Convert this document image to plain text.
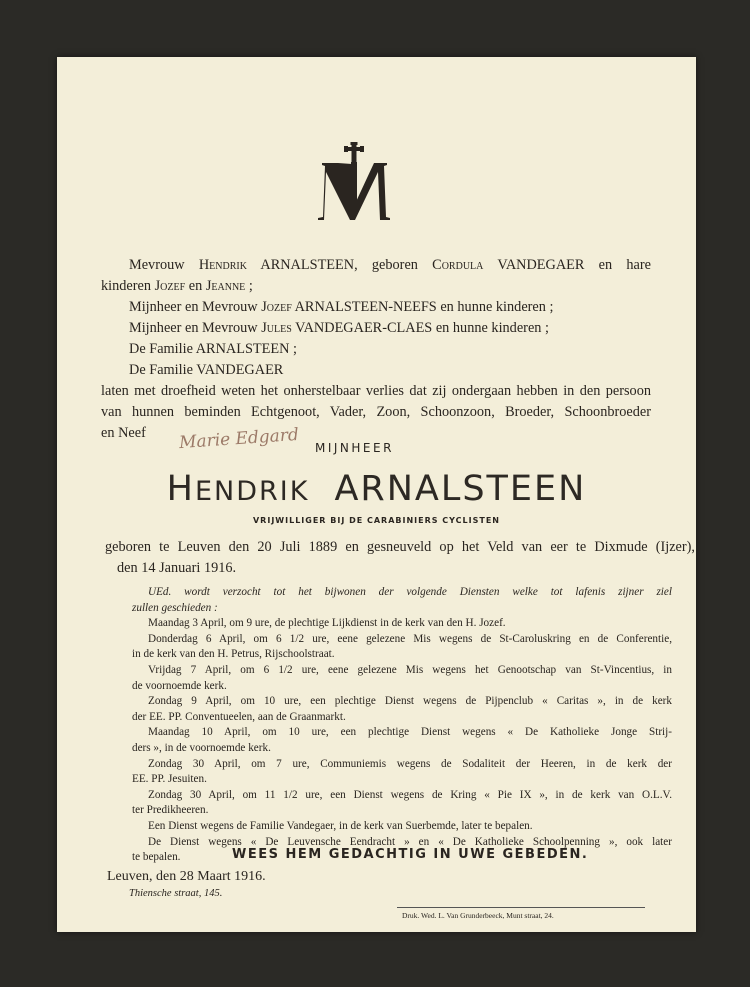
Mevrouw Hendrik ARNALSTEEN, geboren Cordula VANDEGAER en hare
kinderen Jozef en Jeanne ;
Mijnheer en Mevrouw Jozef ARNALSTEEN-NEEFS en hunne kinderen ;
Mijnheer en Mevrouw Jules VANDEGAER-CLAES en hunne kinderen ;
De Familie ARNALSTEEN ;
De Familie VANDEGAER
laten met droefheid weten het onherstelbaar verlies dat zij ondergaan hebben in den persoon
van hunnen beminden Echtgenoot, Vader, Zoon, Schoonzoon, Broeder, Schoonbroeder
en Neef Marie Edgard MIJNHEER
HENDRIK ARNALSTEEN
VRIJWILLIGER BIJ DE CARABINIERS CYCLISTEN
geboren te Leuven den 20 Juli 1889 en gesneuveld op het Veld van eer te Dixmude (Ijzer),
den 14 Januari 1916.
UEd. wordt verzocht tot het bijwonen der volgende Diensten welke tot lafenis zijner ziel
zullen geschieden :
Maandag 3 April, om 9 ure, de plechtige Lijkdienst in de kerk van den H. Jozef.
Donderdag 6 April, om 6 1/2 ure, eene gelezene Mis wegens de St-Caroluskring en de Conferentie,
in de kerk van den H. Petrus, Rijschoolstraat.
Vrijdag 7 April, om 6 1/2 ure, eene gelezene Mis wegens het Genootschap van St-Vincentius, in
de voornoemde kerk.
Zondag 9 April, om 10 ure, een plechtige Dienst wegens de Pijpenclub « Caritas », in de kerk
der EE. PP. Conventueelen, aan de Graanmarkt.
Maandag 10 April, om 10 ure, een plechtige Dienst wegens « De Katholieke Jonge Strij-
ders », in de voornoemde kerk.
Zondag 30 April, om 7 ure, Communiemis wegens de Sodaliteit der Heeren, in de kerk der
EE. PP. Jesuiten.
Zondag 30 April, om 11 1/2 ure, een Dienst wegens de Kring « Pie IX », in de kerk van O.L.V.
ter Predikheeren.
Een Dienst wegens de Familie Vandegaer, in de kerk van Suerbemde, later te bepalen.
De Dienst wegens « De Leuvensche Eendracht » en « De Katholieke Schoolpenning », ook later
te bepalen.	WEES HEM GEDACHTIG IN UWE GEBEDEN.
Leuven, den 28 Maart 1916.
Thiensche straat, 145.
Druk. Wed. L. Van Grunderbeeck, Munt straat, 24.
